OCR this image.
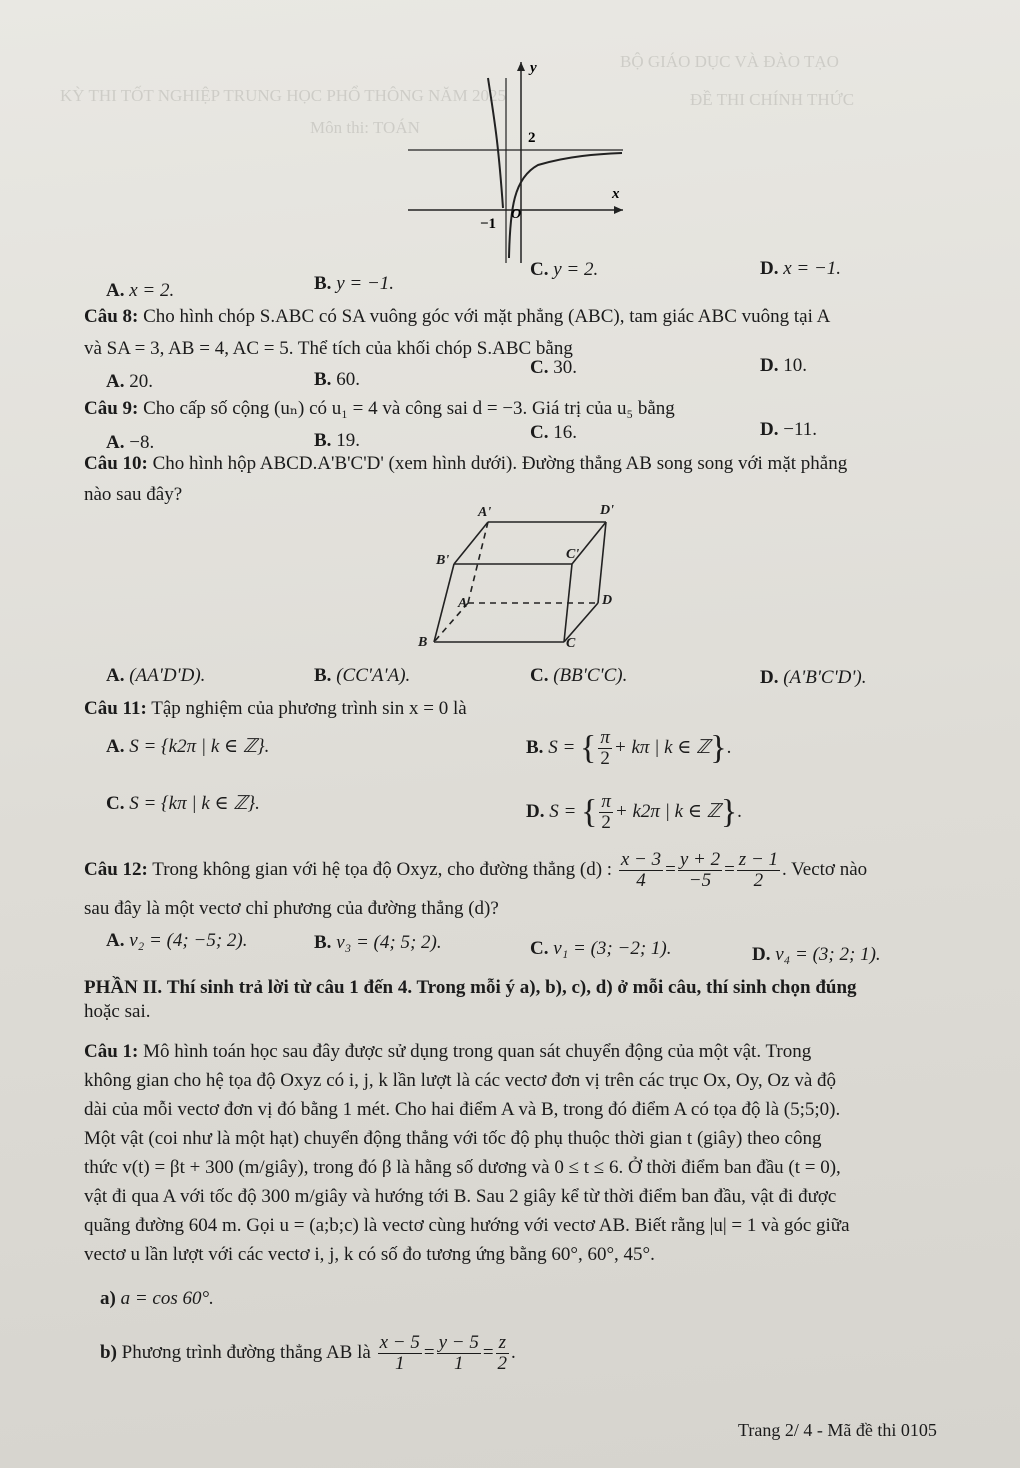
BỘ GIÁO DỤC VÀ ĐÀO TẠO
KỲ THI TỐT NGHIỆP TRUNG HỌC PHỔ THÔNG NĂM 2025	ĐỀ THI CHÍNH THỨC
Môn thi: TOÁN
y
x
2
−1
O
A. x = 2.	B. y = −1.
C. y = 2.	D. x = −1.
Câu 8: Cho hình chóp S.ABC có SA vuông góc với mặt phẳng (ABC), tam giác ABC vuông tại A
và SA = 3, AB = 4, AC = 5. Thể tích của khối chóp S.ABC bằng
A. 20.	B. 60.
C. 30.	D. 10.
Câu 9: Cho cấp số cộng (uₙ) có u₁ = 4 và công sai d = −3. Giá trị của u₅ bằng
A. −8.	B. 19.	C. 16.	D. −11.
Câu 10: Cho hình hộp ABCD.A'B'C'D' (xem hình dưới). Đường thẳng AB song song với mặt phẳng
nào sau đây?
A'	D'
B'	C'
A	D
B	C
A. (AA'D'D).	B. (CC'A'A).	C. (BB'C'C).	D. (A'B'C'D').
Câu 11: Tập nghiệm của phương trình sin x = 0 là
A. S = {k2π | k ∈ ℤ}.	B. S = { $\frac{\pi}{2} + k\pi$ | k ∈ ℤ}.
C. S = {kπ | k ∈ ℤ}.	D. S = { $\frac{\pi}{2} + k2\pi$ | k ∈ ℤ}.
Câu 12: Trong không gian với hệ tọa độ Oxyz, cho đường thẳng (d) : $\frac{x - 3}{4} = \frac{y + 2}{-5} = \frac{z - 1}{2}$ . Vectơ nào
sau đây là một vectơ chỉ phương của đường thẳng (d)?
A. v₂ = (4; −5; 2).	B. v₃ = (4; 5; 2).	C. v₁ = (3; −2; 1).	D. v₄ = (3; 2; 1).
PHẦN II. Thí sinh trả lời từ câu 1 đến 4. Trong mỗi ý a), b), c), d) ở mỗi câu, thí sinh chọn đúng
hoặc sai.
Câu 1: Mô hình toán học sau đây được sử dụng trong quan sát chuyển động của một vật. Trong
không gian cho hệ tọa độ Oxyz có i, j, k lần lượt là các vectơ đơn vị trên các trục Ox, Oy, Oz và độ
dài của mỗi vectơ đơn vị đó bằng 1 mét. Cho hai điểm A và B, trong đó điểm A có tọa độ là (5;5;0).
Một vật (coi như là một hạt) chuyển động thẳng với tốc độ phụ thuộc thời gian t (giây) theo công
thức v(t) = βt + 300 (m/giây), trong đó β là hằng số dương và 0 ≤ t ≤ 6. Ở thời điểm ban đầu (t = 0),
vật đi qua A với tốc độ 300 m/giây và hướng tới B. Sau 2 giây kể từ thời điểm ban đầu, vật đi được
quãng đường 604 m. Gọi u = (a;b;c) là vectơ cùng hướng với vectơ AB. Biết rằng |u| = 1 và góc giữa
vectơ u lần lượt với các vectơ i, j, k có số đo tương ứng bằng 60°, 60°, 45°.
a) a = cos 60°.
b) Phương trình đường thẳng AB là $\frac{x - 5}{1} = \frac{y - 5}{1} = \frac{z}{2}$ .
Trang 2/ 4 - Mã đề thi 0105
